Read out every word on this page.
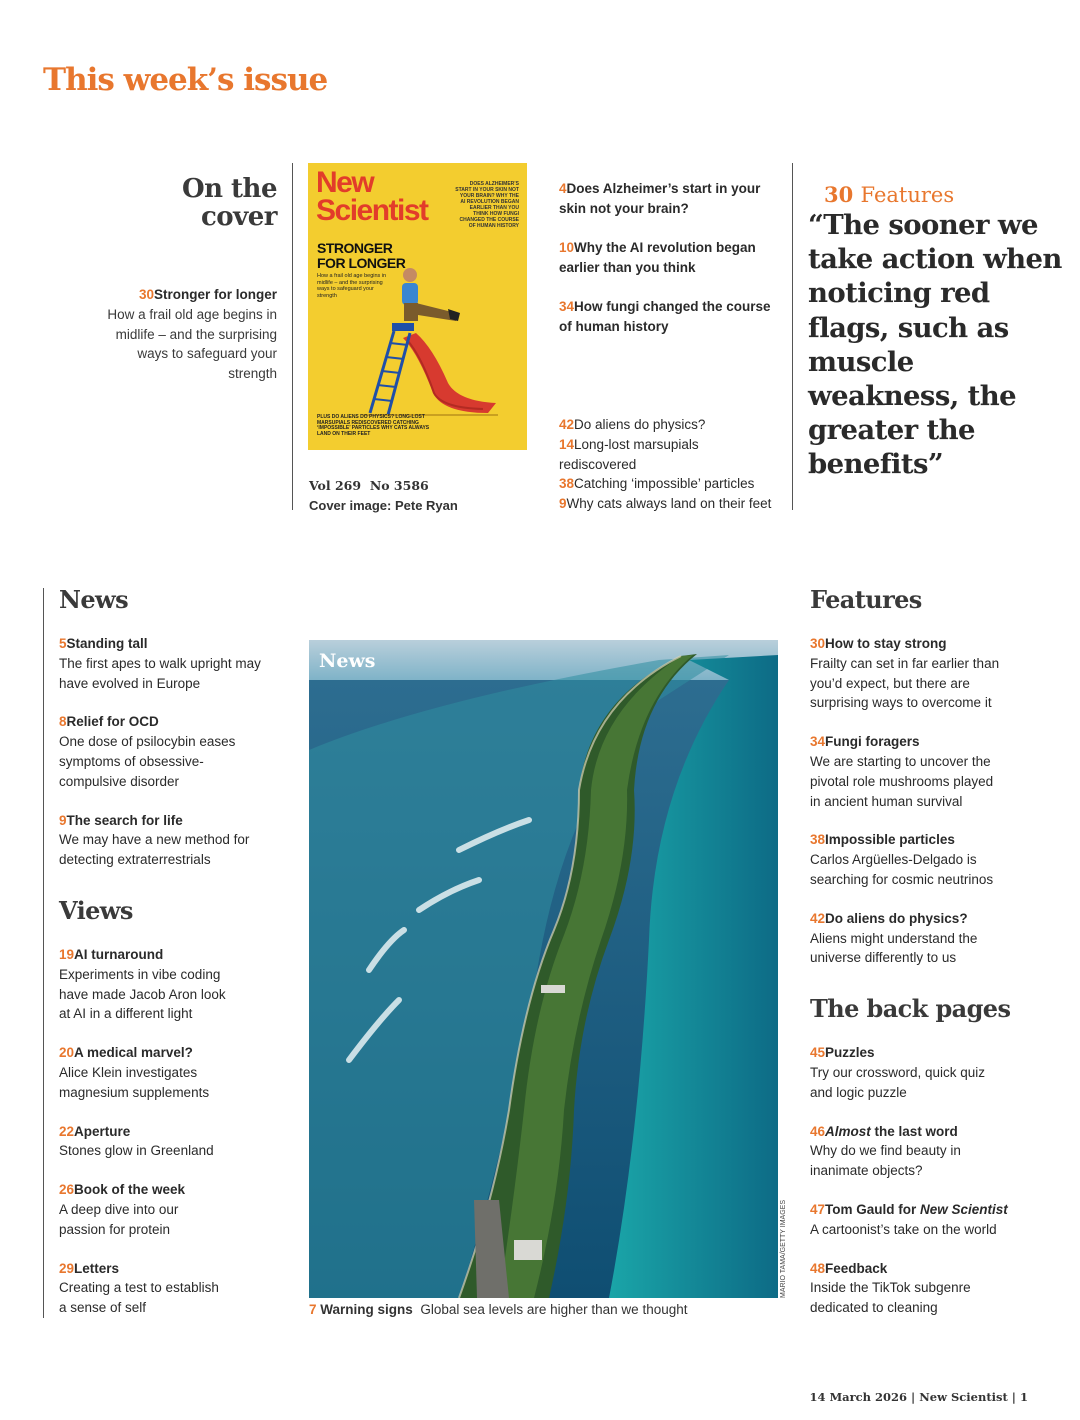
This week’s issue
On the
cover
30Stronger for longer
How a frail old age begins in midlife – and the surprising ways to safeguard your strength
New
Scientist
DOES ALZHEIMER’S START IN YOUR SKIN NOT YOUR BRAIN? WHY THE AI REVOLUTION BEGAN EARLIER THAN YOU THINK HOW FUNGI CHANGED THE COURSE OF HUMAN HISTORY
STRONGER
FOR LONGER
How a frail old age begins in midlife – and the surprising ways to safeguard your strength
PLUS DO ALIENS DO PHYSICS? LONG-LOST MARSUPIALS REDISCOVERED CATCHING ‘IMPOSSIBLE’ PARTICLES WHY CATS ALWAYS LAND ON THEIR FEET
Vol 269 No 3586
Cover image: Pete Ryan
4Does Alzheimer’s start in your skin not your brain?
10Why the AI revolution began earlier than you think
34How fungi changed the course of human history
42Do aliens do physics?
14Long-lost marsupials rediscovered
38Catching ‘impossible’ particles
9Why cats always land on their feet
30 Features
“The sooner we take action when noticing red flags, such as muscle weakness, the greater the benefits”
News
5Standing tall
The first apes to walk upright may have evolved in Europe
8Relief for OCD
One dose of psilocybin eases symptoms of obsessive-compulsive disorder
9The search for life
We may have a new method for detecting extraterrestrials
Views
19AI turnaround
Experiments in vibe coding have made Jacob Aron look at AI in a different light
20A medical marvel?
Alice Klein investigates magnesium supplements
22Aperture
Stones glow in Greenland
26Book of the week
A deep dive into our passion for protein
29Letters
Creating a test to establish a sense of self
News
MARIO TAMA/GETTY IMAGES
7 Warning signs Global sea levels are higher than we thought
Features
30How to stay strong
Frailty can set in far earlier than you’d expect, but there are surprising ways to overcome it
34Fungi foragers
We are starting to uncover the pivotal role mushrooms played in ancient human survival
38Impossible particles
Carlos Argüelles-Delgado is searching for cosmic neutrinos
42Do aliens do physics?
Aliens might understand the universe differently to us
The back pages
45Puzzles
Try our crossword, quick quiz and logic puzzle
46Almost the last word
Why do we find beauty in inanimate objects?
47Tom Gauld for New Scientist
A cartoonist’s take on the world
48Feedback
Inside the TikTok subgenre dedicated to cleaning
14 March 2026 | New Scientist | 1
